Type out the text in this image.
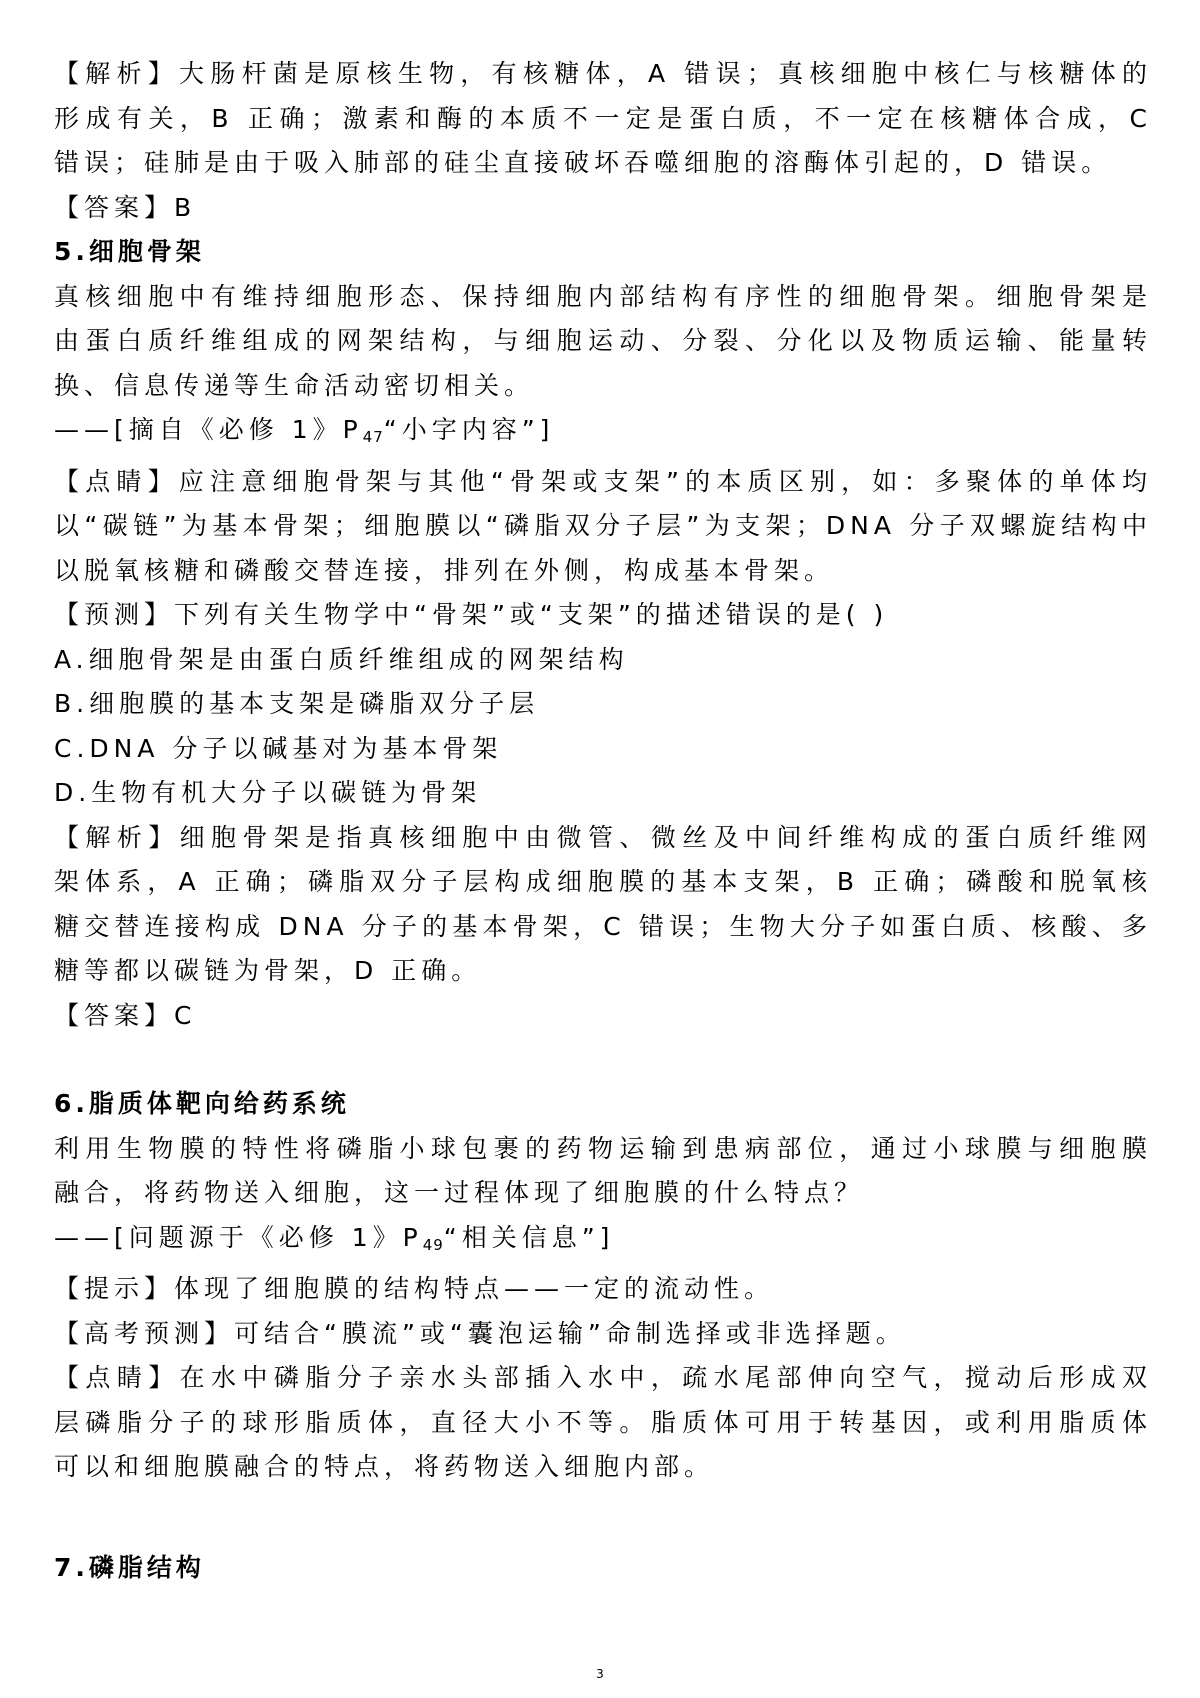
【解析】大肠杆菌是原核生物，有核糖体，A 错误；真核细胞中核仁与核糖体的

形成有关，B 正确；激素和酶的本质不一定是蛋白质，不一定在核糖体合成，C

错误；硅肺是由于吸入肺部的硅尘直接破坏吞噬细胞的溶酶体引起的，D 错误。

【答案】B

5.细胞骨架

真核细胞中有维持细胞形态、保持细胞内部结构有序性的细胞骨架。细胞骨架是

由蛋白质纤维组成的网架结构，与细胞运动、分裂、分化以及物质运输、能量转

换、信息传递等生命活动密切相关。

——[摘自《必修 1》$P_{47}“$小字内容”]

【点睛】应注意细胞骨架与其他“骨架或支架”的本质区别，如：多聚体的单体均

以“碳链”为基本骨架；细胞膜以“磷脂双分子层”为支架；DNA 分子双螺旋结构中

以脱氧核糖和磷酸交替连接，排列在外侧，构成基本骨架。

【预测】下列有关生物学中“骨架”或“支架”的描述错误的是( )

A.细胞骨架是由蛋白质纤维组成的网架结构

B.细胞膜的基本支架是磷脂双分子层

C.DNA 分子以碱基对为基本骨架

D.生物有机大分子以碳链为骨架

【解析】细胞骨架是指真核细胞中由微管、微丝及中间纤维构成的蛋白质纤维网

架体系，A 正确；磷脂双分子层构成细胞膜的基本支架，B 正确；磷酸和脱氧核

糖交替连接构成 DNA 分子的基本骨架，C 错误；生物大分子如蛋白质、核酸、多

糖等都以碳链为骨架，D 正确。

【答案】C

6.脂质体靶向给药系统

利用生物膜的特性将磷脂小球包裹的药物运输到患病部位，通过小球膜与细胞膜

融合，将药物送入细胞，这一过程体现了细胞膜的什么特点？

——[问题源于《必修 1》$P_{49}“$相关信息”]

【提示】体现了细胞膜的结构特点——一定的流动性。

【高考预测】可结合“膜流”或“囊泡运输”命制选择或非选择题。

【点睛】在水中磷脂分子亲水头部插入水中，疏水尾部伸向空气，搅动后形成双

层磷脂分子的球形脂质体，直径大小不等。脂质体可用于转基因，或利用脂质体

可以和细胞膜融合的特点，将药物送入细胞内部。

7.磷脂结构

3
